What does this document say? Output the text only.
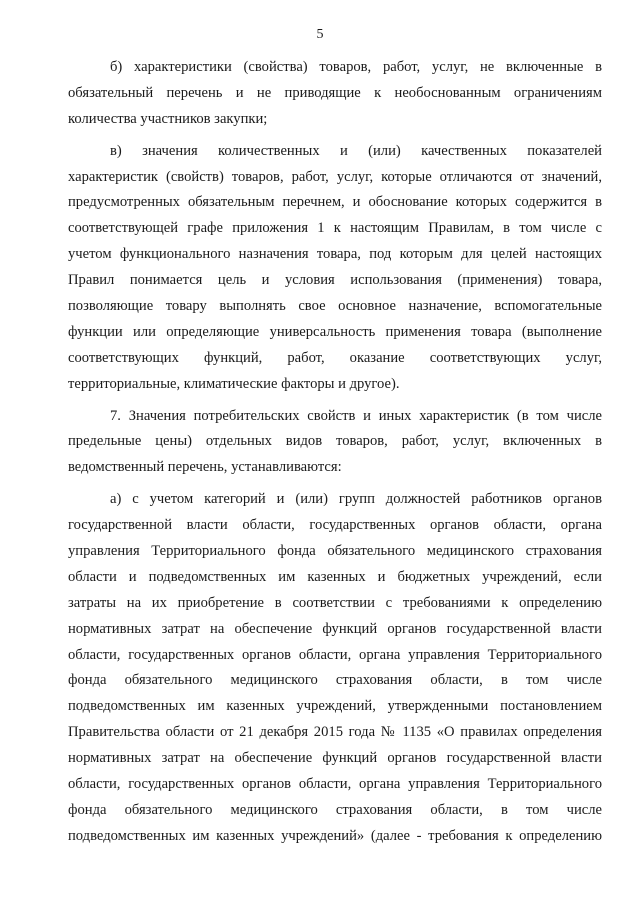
5
б) характеристики (свойства) товаров, работ, услуг, не включенные в
обязательный перечень и не приводящие к необоснованным ограничениям
количества участников закупки;
в) значения количественных и (или) качественных показателей
характеристик (свойств) товаров, работ, услуг, которые отличаются от значений,
предусмотренных обязательным перечнем, и обоснование которых содержится в
соответствующей графе приложения 1 к настоящим Правилам, в том числе с
учетом функционального назначения товара, под которым для целей настоящих
Правил понимается цель и условия использования (применения) товара,
позволяющие товару выполнять свое основное назначение, вспомогательные
функции или определяющие универсальность применения товара (выполнение
соответствующих функций, работ, оказание соответствующих услуг,
территориальные, климатические факторы и другое).
7. Значения потребительских свойств и иных характеристик (в том числе
предельные цены) отдельных видов товаров, работ, услуг, включенных в
ведомственный перечень, устанавливаются:
а) с учетом категорий и (или) групп должностей работников органов
государственной власти области, государственных органов области, органа
управления Территориального фонда обязательного медицинского страхования
области и подведомственных им казенных и бюджетных учреждений, если
затраты на их приобретение в соответствии с требованиями к определению
нормативных затрат на обеспечение функций органов государственной власти
области, государственных органов области, органа управления Территориального
фонда обязательного медицинского страхования области, в том числе
подведомственных им казенных учреждений, утвержденными постановлением
Правительства области от 21 декабря 2015 года № 1135 «О правилах определения
нормативных затрат на обеспечение функций органов государственной власти
области, государственных органов области, органа управления Территориального
фонда обязательного медицинского страхования области, в том числе
подведомственных им казенных учреждений» (далее - требования к определению
